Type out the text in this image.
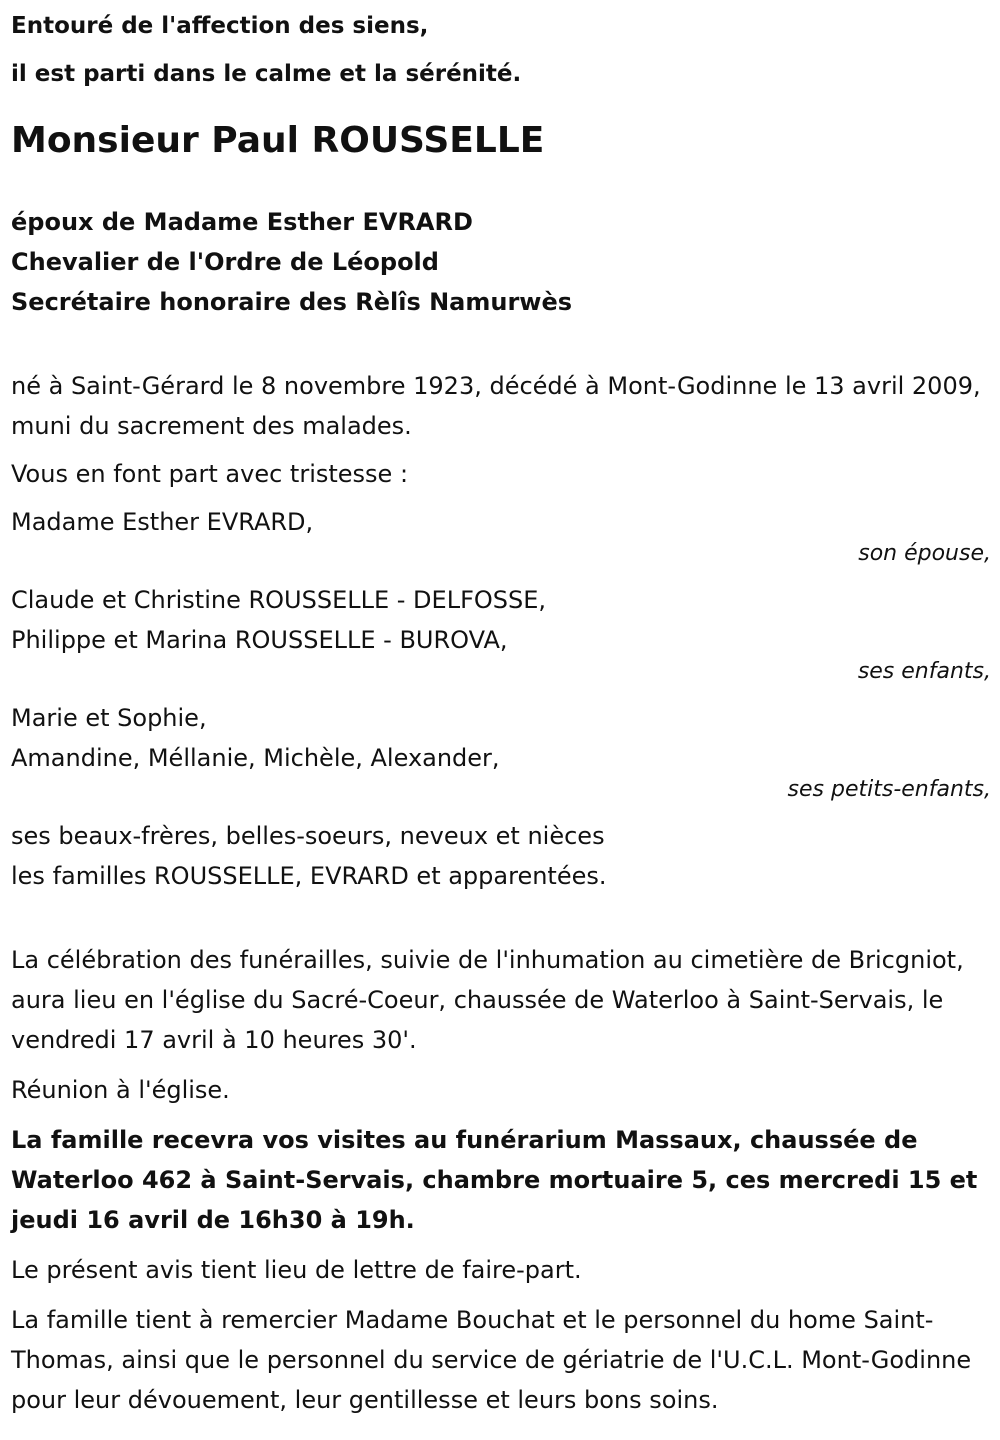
Entouré de l'affection des siens,
il est parti dans le calme et la sérénité.
Monsieur Paul ROUSSELLE
époux de Madame Esther EVRARD
Chevalier de l'Ordre de Léopold
Secrétaire honoraire des Rèlîs Namurwès
né à Saint-Gérard le 8 novembre 1923, décédé à Mont-Godinne le 13 avril 2009, muni du sacrement des malades.
Vous en font part avec tristesse :
Madame Esther EVRARD,
son épouse,
Claude et Christine ROUSSELLE - DELFOSSE,
Philippe et Marina ROUSSELLE - BUROVA,
ses enfants,
Marie et Sophie,
Amandine, Méllanie, Michèle, Alexander,
ses petits-enfants,
ses beaux-frères, belles-soeurs, neveux et nièces
les familles ROUSSELLE, EVRARD et apparentées.
La célébration des funérailles, suivie de l'inhumation au cimetière de Bricgniot, aura lieu en l'église du Sacré-Coeur, chaussée de Waterloo à Saint-Servais, le vendredi 17 avril à 10 heures 30'.
Réunion à l'église.
La famille recevra vos visites au funérarium Massaux, chaussée de Waterloo 462 à Saint-Servais, chambre mortuaire 5, ces mercredi 15 et jeudi 16 avril de 16h30 à 19h.
Le présent avis tient lieu de lettre de faire-part.
La famille tient à remercier Madame Bouchat et le personnel du home Saint-Thomas, ainsi que le personnel du service de gériatrie de l'U.C.L. Mont-Godinne pour leur dévouement, leur gentillesse et leurs bons soins.
